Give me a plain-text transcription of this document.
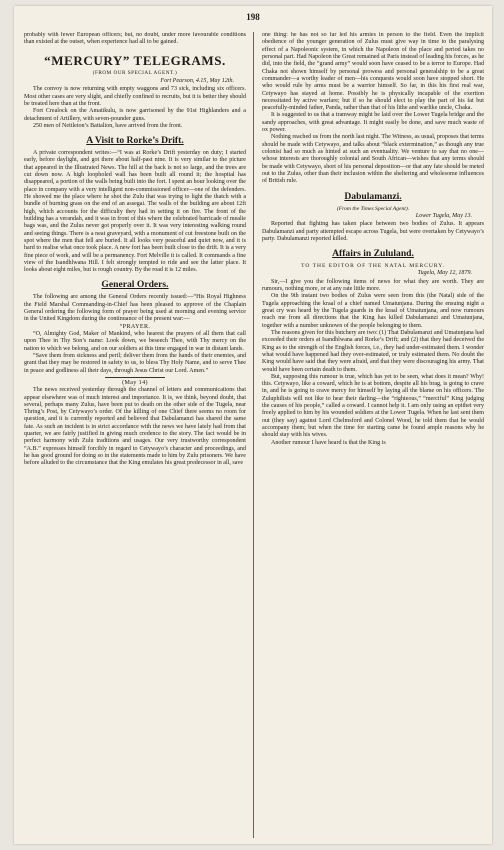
198

probably with fewer European officers; but, no doubt, under more favourable conditions than existed at the outset, when experience had all to be gained.

“MERCURY” TELEGRAMS.
(FROM OUR SPECIAL AGENT.)

Fort Pearson, 4.15, May 12th.

The convoy is now returning with empty waggons and 73 sick, including six officers. Most other cases are very slight, and chiefly confined to recruits, but it is better they should be treated here than at the front.

Fort Crealock on the Amatikulu, is now garrisoned by the 91st Highlanders and a detachment of Artillery, with seven-pounder guns.

250 men of Nettleton’s Battalion, have arrived from the front.

A Visit to Rorke’s Drift.

A private correspondent writes:—“I was at Rorke’s Drift yesterday on duty; I started early, before daylight, and got there about half-past nine. It is very similar to the picture that appeared in the Illustrated News. The hill at the back is not so large, and the trees are cut down now. A high loopholed wall has been built all round it; the hospital has disappeared, a portion of the walls being built into the fort. I spent an hour looking over the place in company with a very intelligent non-commissioned officer—one of the defenders. He showed me the place where he shot the Zulu that was trying to light the thatch with a bundle of burning grass on the end of an assegai. The walls of the building are about 12ft high, which accounts for the difficulty they had in setting it on fire. The front of the building has a verandah, and it was in front of this where the celebrated barricade of mealie bags was, and the Zulus never got properly over it. It was very interesting walking round and seeing things. There is a neat graveyard, with a monument of cut freestone built on the spot where the men that fell are buried. It all looks very peaceful and quiet now, and it is hard to realise what once took place. A new fort has been built close to the drift. It is a very fine piece of work, and will be a permanency. Fort Melville it is called. It commands a fine view of the Isandhlwana Hill. I felt strongly tempted to ride and see the latter place. It looks about eight miles, but is rough country. By the road it is 12 miles.

General Orders.

The following are among the General Orders recently issued:—“His Royal Highness the Field Marshal Commanding-in-Chief has been pleased to approve of the Chaplain General ordering the following form of prayer being used at morning and evening service in the United Kingdom during the continuance of the present war:—

“PRAYER.

“O, Almighty God, Maker of Mankind, who hearest the prayers of all them that call upon Thee in Thy Son’s name: Look down, we beseech Thee, with Thy mercy on the nation to which we belong, and on our soldiers at this time engaged in war in distant lands.

“Save them from sickness and peril; deliver them from the hands of their enemies, and grant that they may be restored in safety to us, to bless Thy Holy Name, and to serve Thee in peace and godliness all their days, through Jesus Christ our Lord. Amen.”

(May 14)

The news received yesterday through the channel of letters and communications that appear elsewhere was of much interest and importance. It is, we think, beyond doubt, that several, perhaps many Zulus, have been put to death on the other side of the Tugela, near Thring’s Post, by Cetywayo’s order. Of the killing of one Chief there seems no room for question, and it is currently reported and believed that Dabulamanzi has shared the same fate. As such an incident is in strict accordance with the news we have lately had from that quarter, we are fairly justified in giving much credence to the story. The fact would be in perfect harmony with Zulu traditions and usages. Our very trustworthy correspondent “A.B.” expresses himself forcibly in regard to Cetywayo’s character and proceedings, and he has good ground for doing so in the statements made to him by Zulu prisoners. We have before alluded to the circumstance that the King emulates his great predecessor in all, save

one thing: he has not so far led his armies in person to the field. Even the implicit obedience of the younger generation of Zulus must give way in time to the paralysing effect of a Napoleonic system, in which the Napoleon of the place and period takes no personal part. Had Napoleon the Great remained at Paris instead of leading his forces, as he did, into the field, the “grand army” would soon have ceased to be a terror to Europe. Had Chaka not shown himself by personal prowess and personal generalship to be a great commander—a worthy leader of men—his conquests would soon have stopped short. He who would rule by arms must be a warrior himself. So far, in this his first real war, Cetywayo has stayed at home. Possibly he is physically incapable of the exertion necessitated by active warfare; but if so he should elect to play the part of his fat but peacefully-minded father, Panda, rather than that of his lithe and warlike uncle, Chaka.

It is suggested to us that a tramway might be laid over the Lower Tugela bridge and the sandy approaches, with great advantage. It might easily be done, and save much waste of ox power.

Nothing reached us from the north last night. The Witness, as usual, proposes that terms should be made with Cetywayo, and talks about “black extermination,” as though any true colonist had so much as hinted at such an eventuality. We venture to say that no one—whose interests are thoroughly colonial and South African—wishes that any terms should be made with Cetywayo, short of his personal deposition—or that any fate should be meted out to the Zulus, other than their inclusion within the sheltering and wholesome influences of British rule.

Dabulamanzi.

(From the Times Special Agent).

Lower Tugela, May 13.

Reported that fighting has taken place between two bodies of Zulus. It appears Dabulamanzi and party attempted escape across Tugela, but were overtaken by Cetywayo’s party. Dabulamanzi reported killed.

Affairs in Zululand.

TO THE EDITOR OF THE NATAL MERCURY.

Tugela, May 12, 1879.

Sir,—I give you the following items of news for what they are worth. They are rumours, nothing more, or at any rate little more.

On the 9th instant two bodies of Zulus were seen from this (the Natal) side of the Tugela approaching the kraal of a chief named Umatunjana. During the ensuing night a great cry was heard by the Tugela guards in the kraal of Umatunjana, and now rumours reach me from all directions that the King has killed Dabulamanzi and Umatunjana, together with a number unknown of the people belonging to them.

The reasons given for this butchery are two: (1) That Dabulamanzi and Umatunjana had exceeded their orders at Isandhlwana and Rorke’s Drift; and (2) that they had deceived the King as to the strength of the English forces, i.e., they had under-estimated them. I wonder what would have happened had they over-estimated, or truly estimated them. No doubt the King would have said that they were afraid, and that they were discouraging his army. That would have been certain death to them.

But, supposing this rumour is true, which has yet to be seen, what does it mean? Why! this. Cetywayo, like a coward, which he is at bottom, despite all his brag, is going to crave in, and he is going to crave mercy for himself by laying all the blame on his officers. The Zuluphilists will not like to hear their darling—the “righteous,” “merciful” King judging the causes of his people,” called a coward. I cannot help it. I am only using an epithet very freely applied to him by his wounded soldiers at the Lower Tugela. When he last sent them out (they say) against Lord Chelmsford and Colonel Wood, he told them that he would accompany them; but when the time for starting came he found ample reasons why he should stay with his wives.

Another rumour I have heard is that the King is
